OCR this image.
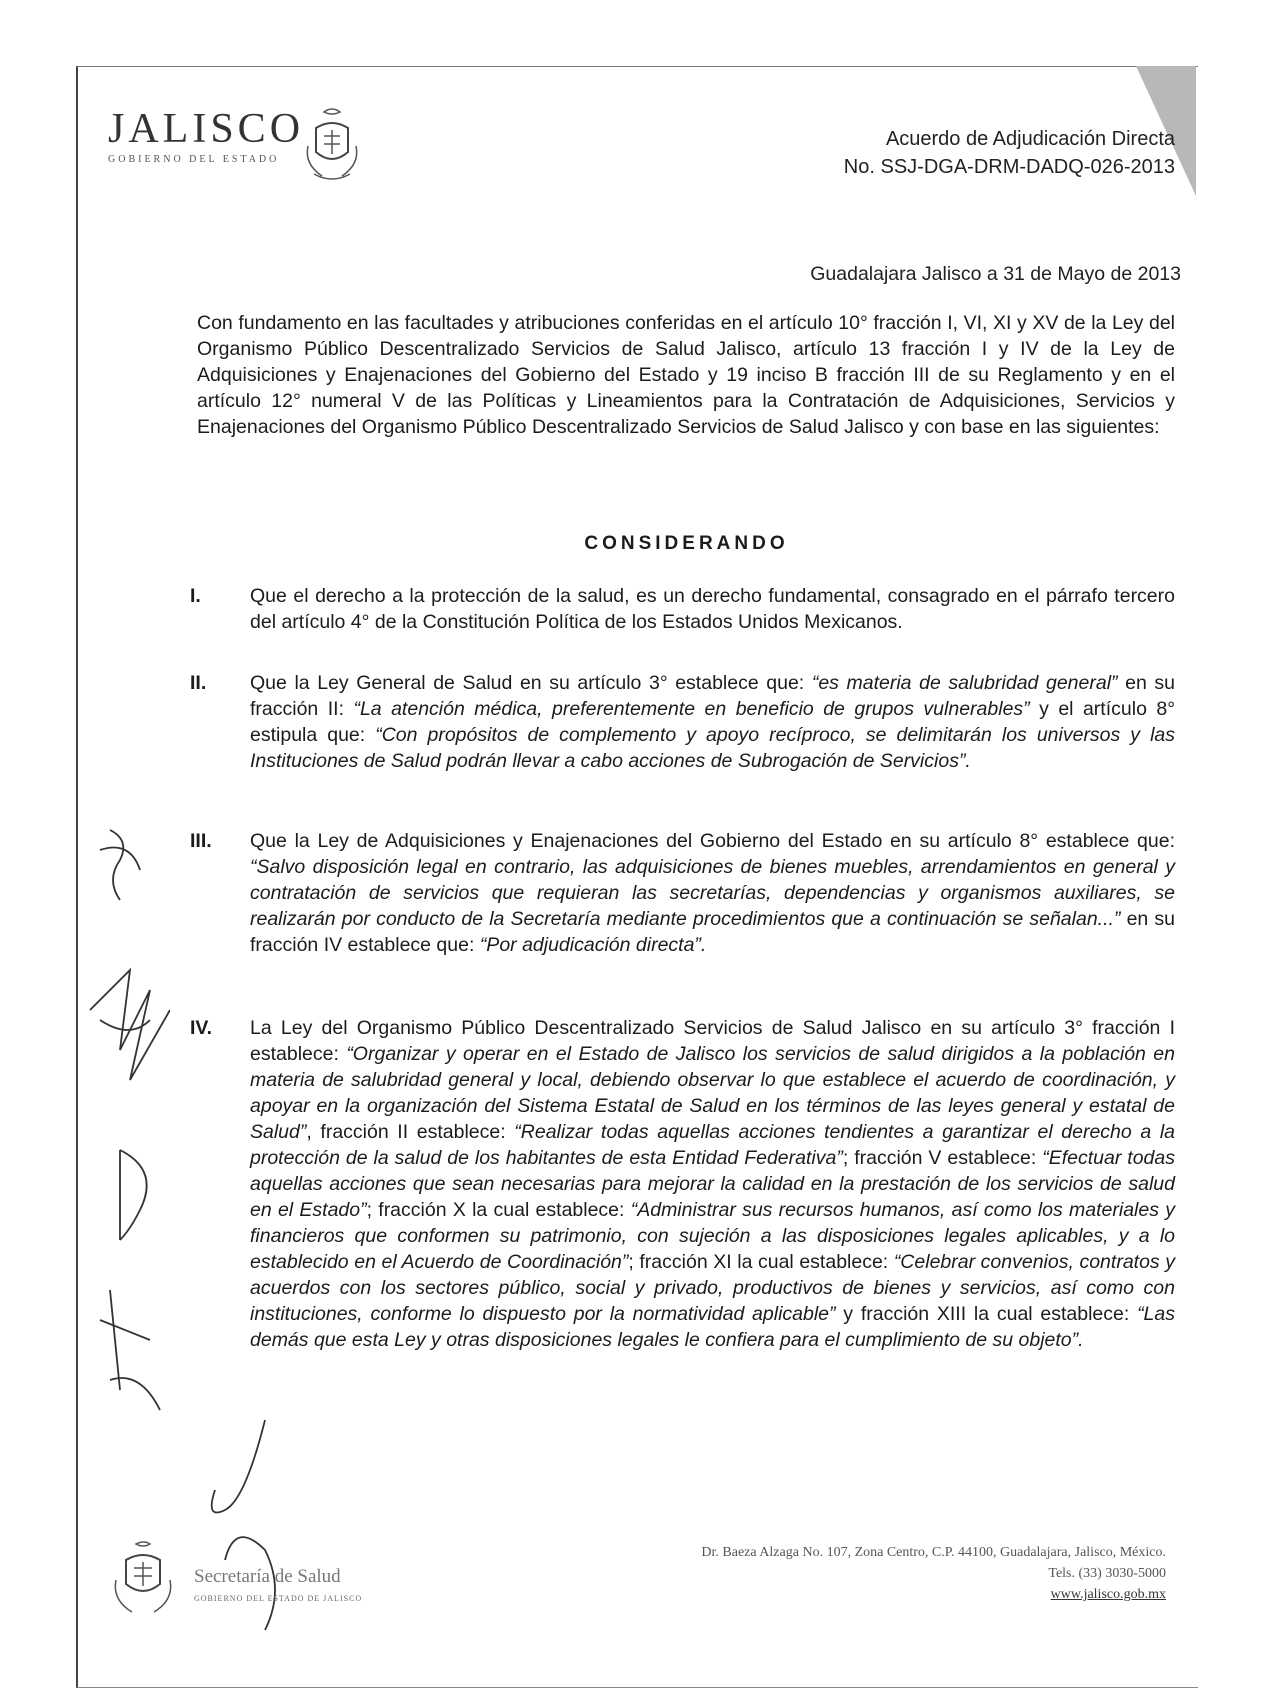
JALISCO
GOBIERNO DEL ESTADO
Acuerdo de Adjudicación Directa
No. SSJ-DGA-DRM-DADQ-026-2013
Guadalajara Jalisco a 31 de Mayo de 2013

Con fundamento en las facultades y atribuciones conferidas en el artículo 10° fracción I, VI, XI y XV de la Ley del Organismo Público Descentralizado Servicios de Salud Jalisco, artículo 13 fracción I y IV de la Ley de Adquisiciones y Enajenaciones del Gobierno del Estado y 19 inciso B fracción III de su Reglamento y en el artículo 12° numeral V de las Políticas y Lineamientos para la Contratación de Adquisiciones, Servicios y Enajenaciones del Organismo Público Descentralizado Servicios de Salud Jalisco y con base en las siguientes:

CONSIDERANDO
I.	Que el derecho a la protección de la salud, es un derecho fundamental, consagrado en el párrafo tercero del artículo 4° de la Constitución Política de los Estados Unidos Mexicanos.
II. Que la Ley General de Salud en su artículo 3° establece que: “es materia de salubridad general” en su fracción II: “La atención médica, preferentemente en beneficio de grupos vulnerables” y el artículo 8° estipula que: “Con propósitos de complemento y apoyo recíproco, se delimitarán los universos y las Instituciones de Salud podrán llevar a cabo acciones de Subrogación de Servicios”.
III. Que la Ley de Adquisiciones y Enajenaciones del Gobierno del Estado en su artículo 8° establece que: “Salvo disposición legal en contrario, las adquisiciones de bienes muebles, arrendamientos en general y contratación de servicios que requieran las secretarías, dependencias y organismos auxiliares, se realizarán por conducto de la Secretaría mediante procedimientos que a continuación se señalan...” en su fracción IV establece que: “Por adjudicación directa”.
IV. La Ley del Organismo Público Descentralizado Servicios de Salud Jalisco en su artículo 3° fracción I establece: “Organizar y operar en el Estado de Jalisco los servicios de salud dirigidos a la población en materia de salubridad general y local, debiendo observar lo que establece el acuerdo de coordinación, y apoyar en la organización del Sistema Estatal de Salud en los términos de las leyes general y estatal de Salud”, fracción II establece: “Realizar todas aquellas acciones tendientes a garantizar el derecho a la protección de la salud de los habitantes de esta Entidad Federativa”; fracción V establece: “Efectuar todas aquellas acciones que sean necesarias para mejorar la calidad en la prestación de los servicios de salud en el Estado”; fracción X la cual establece: “Administrar sus recursos humanos, así como los materiales y financieros que conformen su patrimonio, con sujeción a las disposiciones legales aplicables, y a lo establecido en el Acuerdo de Coordinación”; fracción XI la cual establece: “Celebrar convenios, contratos y acuerdos con los sectores público, social y privado, productivos de bienes y servicios, así como con instituciones, conforme lo dispuesto por la normatividad aplicable” y fracción XIII la cual establece: “Las demás que esta Ley y otras disposiciones legales le confiera para el cumplimiento de su objeto”.
Secretaría de Salud
GOBIERNO DEL ESTADO DE JALISCO
Dr. Baeza Alzaga No. 107, Zona Centro, C.P. 44100, Guadalajara, Jalisco, México.
Tels. (33) 3030-5000
www.jalisco.gob.mx
